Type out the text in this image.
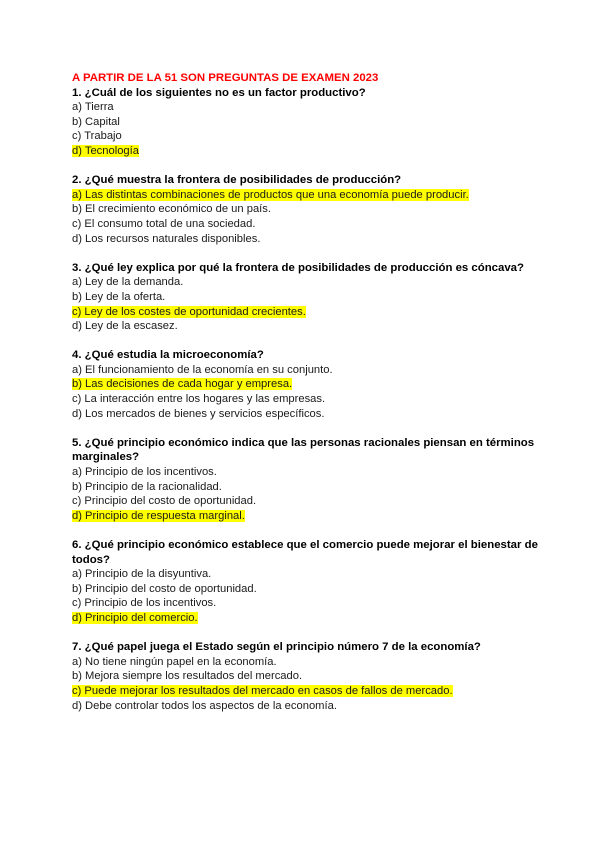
A PARTIR DE LA 51 SON PREGUNTAS DE EXAMEN 2023
1. ¿Cuál de los siguientes no es un factor productivo?
a) Tierra
b) Capital
c) Trabajo
d) Tecnología
2. ¿Qué muestra la frontera de posibilidades de producción?
a) Las distintas combinaciones de productos que una economía puede producir.
b) El crecimiento económico de un país.
c) El consumo total de una sociedad.
d) Los recursos naturales disponibles.
3. ¿Qué ley explica por qué la frontera de posibilidades de producción es cóncava?
a) Ley de la demanda.
b) Ley de la oferta.
c) Ley de los costes de oportunidad crecientes.
d) Ley de la escasez.
4. ¿Qué estudia la microeconomía?
a) El funcionamiento de la economía en su conjunto.
b) Las decisiones de cada hogar y empresa.
c) La interacción entre los hogares y las empresas.
d) Los mercados de bienes y servicios específicos.
5. ¿Qué principio económico indica que las personas racionales piensan en términos marginales?
a) Principio de los incentivos.
b) Principio de la racionalidad.
c) Principio del costo de oportunidad.
d) Principio de respuesta marginal.
6. ¿Qué principio económico establece que el comercio puede mejorar el bienestar de todos?
a) Principio de la disyuntiva.
b) Principio del costo de oportunidad.
c) Principio de los incentivos.
d) Principio del comercio.
7. ¿Qué papel juega el Estado según el principio número 7 de la economía?
a) No tiene ningún papel en la economía.
b) Mejora siempre los resultados del mercado.
c) Puede mejorar los resultados del mercado en casos de fallos de mercado.
d) Debe controlar todos los aspectos de la economía.
